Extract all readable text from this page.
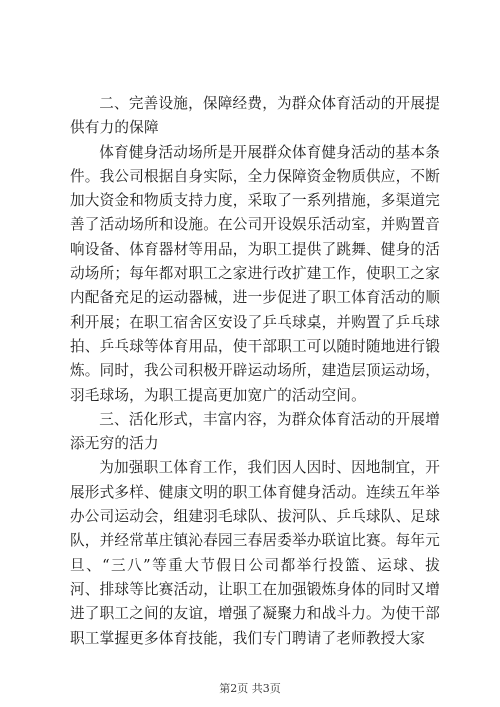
二、完善设施，保障经费，为群众体育活动的开展提供有力的保障

体育健身活动场所是开展群众体育健身活动的基本条件。我公司根据自身实际，全力保障资金物质供应，不断加大资金和物质支持力度，采取了一系列措施，多渠道完善了活动场所和设施。在公司开设娱乐活动室，并购置音响设备、体育器材等用品，为职工提供了跳舞、健身的活动场所；每年都对职工之家进行改扩建工作，使职工之家内配备充足的运动器械，进一步促进了职工体育活动的顺利开展；在职工宿舍区安设了乒乓球桌，并购置了乒乓球拍、乒乓球等体育用品，使干部职工可以随时随地进行锻炼。同时，我公司积极开辟运动场所，建造层顶运动场，羽毛球场，为职工提高更加宽广的活动空间。

三、活化形式，丰富内容，为群众体育活动的开展增添无穷的活力

为加强职工体育工作，我们因人因时、因地制宜，开展形式多样、健康文明的职工体育健身活动。连续五年举办公司运动会，组建羽毛球队、拔河队、乒乓球队、足球队，并经常革庄镇沁春园三春居委举办联谊比赛。每年元旦、“三八”等重大节假日公司都举行投篮、运球、拔河、排球等比赛活动，让职工在加强锻炼身体的同时又增进了职工之间的友谊，增强了凝聚力和战斗力。为使干部职工掌握更多体育技能，我们专门聘请了老师教授大家

第2页 共3页
